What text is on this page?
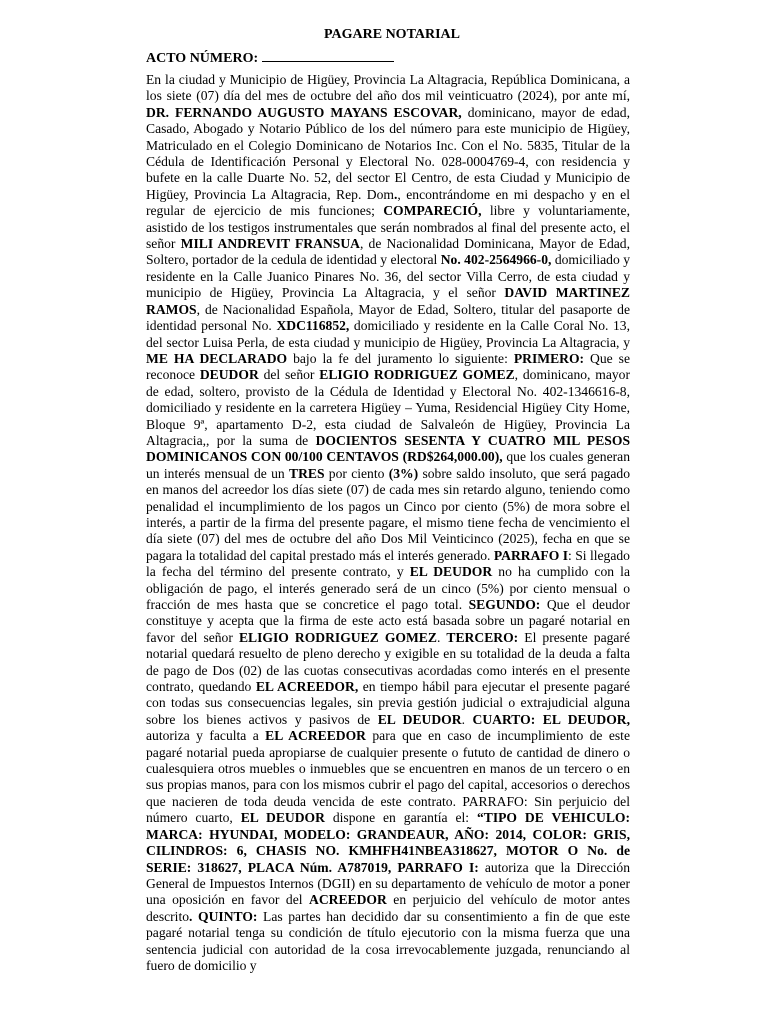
PAGARE NOTARIAL
ACTO NÚMERO:

En la ciudad y Municipio de Higüey, Provincia La Altagracia, República Dominicana, a los siete (07) día del mes de octubre del año dos mil veinticuatro (2024), por ante mí, DR. FERNANDO AUGUSTO MAYANS ESCOVAR, dominicano, mayor de edad, Casado, Abogado y Notario Público de los del número para este municipio de Higüey, Matriculado en el Colegio Dominicano de Notarios Inc. Con el No. 5835, Titular de la Cédula de Identificación Personal y Electoral No. 028-0004769-4, con residencia y bufete en la calle Duarte No. 52, del sector El Centro, de esta Ciudad y Municipio de Higüey, Provincia La Altagracia, Rep. Dom., encontrándome en mi despacho y en el regular de ejercicio de mis funciones; COMPARECIÓ, libre y voluntariamente, asistido de los testigos instrumentales que serán nombrados al final del presente acto, el señor MILI ANDREVIT FRANSUA, de Nacionalidad Dominicana, Mayor de Edad, Soltero, portador de la cedula de identidad y electoral No. 402-2564966-0, domiciliado y residente en la Calle Juanico Pinares No. 36, del sector Villa Cerro, de esta ciudad y municipio de Higüey, Provincia La Altagracia, y el señor DAVID MARTINEZ RAMOS, de Nacionalidad Española, Mayor de Edad, Soltero, titular del pasaporte de identidad personal No. XDC116852, domiciliado y residente en la Calle Coral No. 13, del sector Luisa Perla, de esta ciudad y municipio de Higüey, Provincia La Altagracia, y ME HA DECLARADO bajo la fe del juramento lo siguiente: PRIMERO: Que se reconoce DEUDOR del señor ELIGIO RODRIGUEZ GOMEZ, dominicano, mayor de edad, soltero, provisto de la Cédula de Identidad y Electoral No. 402-1346616-8, domiciliado y residente en la carretera Higüey – Yuma, Residencial Higüey City Home, Bloque 9ª, apartamento D-2, esta ciudad de Salvaleón de Higüey, Provincia La Altagracia,, por la suma de DOCIENTOS SESENTA Y CUATRO MIL PESOS DOMINICANOS CON 00/100 CENTAVOS (RD$264,000.00), que los cuales generan un interés mensual de un TRES por ciento (3%) sobre saldo insoluto, que será pagado en manos del acreedor los días siete (07) de cada mes sin retardo alguno, teniendo como penalidad el incumplimiento de los pagos un Cinco por ciento (5%) de mora sobre el interés, a partir de la firma del presente pagare, el mismo tiene fecha de vencimiento el día siete (07) del mes de octubre del año Dos Mil Veinticinco (2025), fecha en que se pagara la totalidad del capital prestado más el interés generado. PARRAFO I: Si llegado la fecha del término del presente contrato, y EL DEUDOR no ha cumplido con la obligación de pago, el interés generado será de un cinco (5%) por ciento mensual o fracción de mes hasta que se concretice el pago total. SEGUNDO: Que el deudor constituye y acepta que la firma de este acto está basada sobre un pagaré notarial en favor del señor ELIGIO RODRIGUEZ GOMEZ. TERCERO: El presente pagaré notarial quedará resuelto de pleno derecho y exigible en su totalidad de la deuda a falta de pago de Dos (02) de las cuotas consecutivas acordadas como interés en el presente contrato, quedando EL ACREEDOR, en tiempo hábil para ejecutar el presente pagaré con todas sus consecuencias legales, sin previa gestión judicial o extrajudicial alguna sobre los bienes activos y pasivos de EL DEUDOR. CUARTO: EL DEUDOR, autoriza y faculta a EL ACREEDOR para que en caso de incumplimiento de este pagaré notarial pueda apropiarse de cualquier presente o fututo de cantidad de dinero o cualesquiera otros muebles o inmuebles que se encuentren en manos de un tercero o en sus propias manos, para con los mismos cubrir el pago del capital, accesorios o derechos que nacieren de toda deuda vencida de este contrato. PARRAFO: Sin perjuicio del número cuarto, EL DEUDOR dispone en garantía el: “TIPO DE VEHICULO: MARCA: HYUNDAI, MODELO: GRANDEAUR, AÑO: 2014, COLOR: GRIS, CILINDROS: 6, CHASIS NO. KMHFH41NBEA318627, MOTOR O No. de SERIE: 318627, PLACA Núm. A787019, PARRAFO I: autoriza que la Dirección General de Impuestos Internos (DGII) en su departamento de vehículo de motor a poner una oposición en favor del ACREEDOR en perjuicio del vehículo de motor antes descrito. QUINTO: Las partes han decidido dar su consentimiento a fin de que este pagaré notarial tenga su condición de título ejecutorio con la misma fuerza que una sentencia judicial con autoridad de la cosa irrevocablemente juzgada, renunciando al fuero de domicilio y
